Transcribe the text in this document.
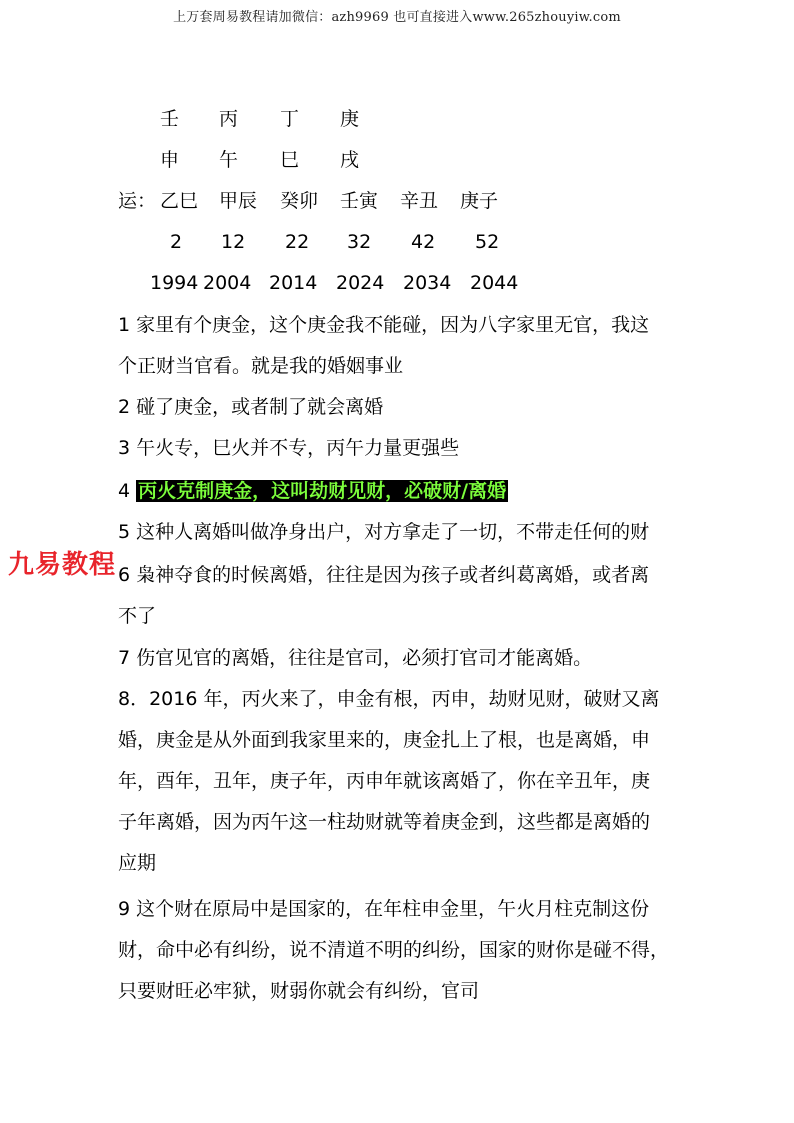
上万套周易教程请加微信：azh9969 也可直接进入www.265zhouyiw.com
壬 丙 丁 庚
申 午 巳 戌
运： 乙巳 甲辰 癸卯 壬寅 辛丑 庚子
2 12 22 32 42 52
1994 2004 2014 2024 2034 2044
1 家里有个庚金，这个庚金我不能碰，因为八字家里无官，我这
个正财当官看。就是我的婚姻事业
2 碰了庚金，或者制了就会离婚
3 午火专，巳火并不专，丙午力量更强些
4 丙火克制庚金，这叫劫财见财，必破财/离婚
5 这种人离婚叫做净身出户，对方拿走了一切，不带走任何的财
6 枭神夺食的时候离婚，往往是因为孩子或者纠葛离婚，或者离
不了
7 伤官见官的离婚，往往是官司，必须打官司才能离婚。
8．2016 年，丙火来了，申金有根，丙申，劫财见财，破财又离
婚，庚金是从外面到我家里来的，庚金扎上了根，也是离婚，申
年，酉年，丑年，庚子年，丙申年就该离婚了，你在辛丑年，庚
子年离婚，因为丙午这一柱劫财就等着庚金到，这些都是离婚的
应期
9 这个财在原局中是国家的，在年柱申金里，午火月柱克制这份
财，命中必有纠纷，说不清道不明的纠纷，国家的财你是碰不得，
只要财旺必牢狱，财弱你就会有纠纷，官司
九易教程
